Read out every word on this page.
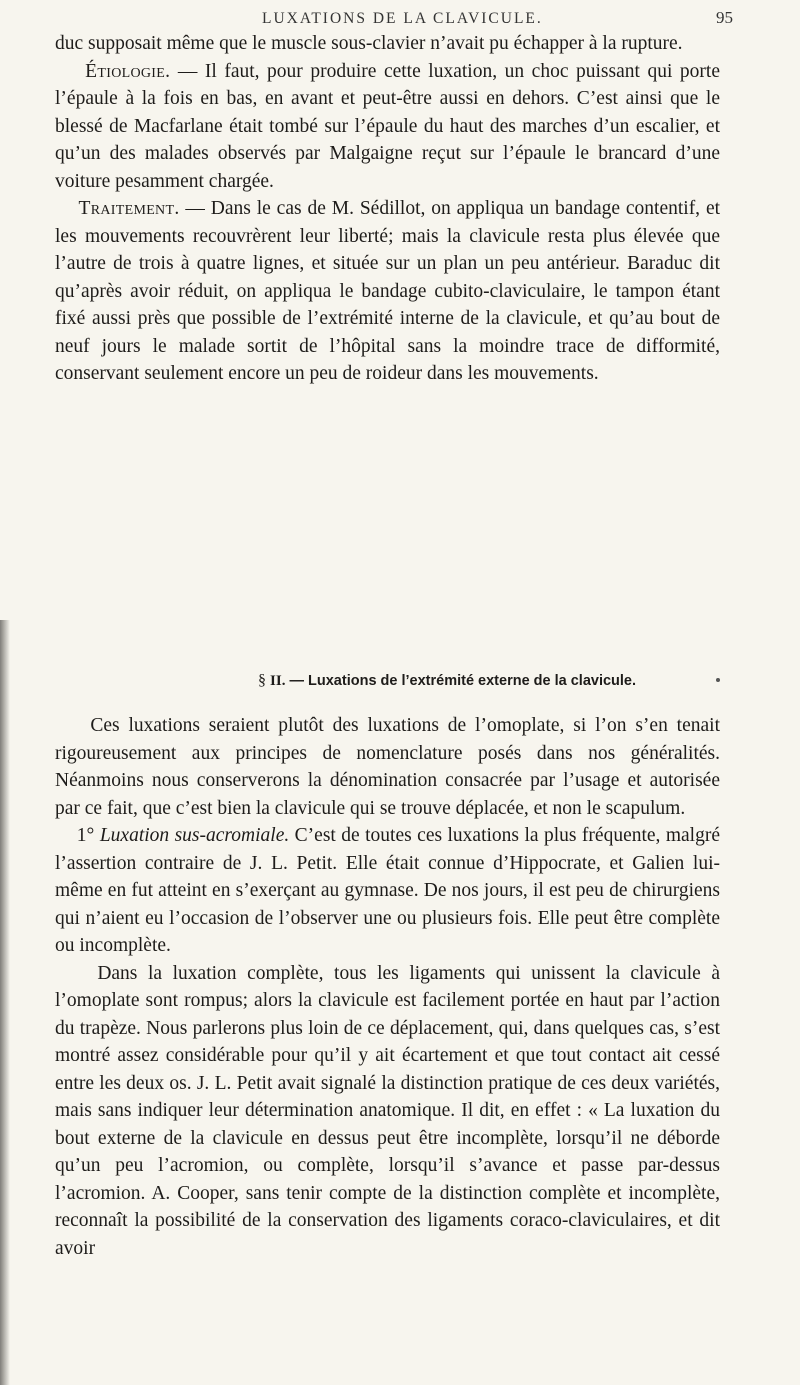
LUXATIONS DE LA CLAVICULE.	95

duc supposait même que le muscle sous-clavier n’avait pu échapper à la rupture.

Étiologie. — Il faut, pour produire cette luxation, un choc puissant qui porte l’épaule à la fois en bas, en avant et peut-être aussi en dehors. C’est ainsi que le blessé de Macfarlane était tombé sur l’épaule du haut des marches d’un escalier, et qu’un des malades observés par Malgaigne reçut sur l’épaule le brancard d’une voiture pesamment chargée.

Traitement. — Dans le cas de M. Sédillot, on appliqua un bandage contentif, et les mouvements recouvrèrent leur liberté; mais la clavicule resta plus élevée que l’autre de trois à quatre lignes, et située sur un plan un peu antérieur. Baraduc dit qu’après avoir réduit, on appliqua le bandage cubito-claviculaire, le tampon étant fixé aussi près que possible de l’extrémité interne de la clavicule, et qu’au bout de neuf jours le malade sortit de l’hôpital sans la moindre trace de difformité, conservant seulement encore un peu de roideur dans les mouvements.

§ II. — Luxations de l’extrémité externe de la clavicule.

Ces luxations seraient plutôt des luxations de l’omoplate, si l’on s’en tenait rigoureusement aux principes de nomenclature posés dans nos généralités. Néanmoins nous conserverons la dénomination consacrée par l’usage et autorisée par ce fait, que c’est bien la clavicule qui se trouve déplacée, et non le scapulum.

1° Luxation sus-acromiale. C’est de toutes ces luxations la plus fréquente, malgré l’assertion contraire de J. L. Petit. Elle était connue d’Hippocrate, et Galien lui-même en fut atteint en s’exerçant au gymnase. De nos jours, il est peu de chirurgiens qui n’aient eu l’occasion de l’observer une ou plusieurs fois. Elle peut être complète ou incomplète.

Dans la luxation complète, tous les ligaments qui unissent la clavicule à l’omoplate sont rompus; alors la clavicule est facilement portée en haut par l’action du trapèze. Nous parlerons plus loin de ce déplacement, qui, dans quelques cas, s’est montré assez considérable pour qu’il y ait écartement et que tout contact ait cessé entre les deux os. J. L. Petit avait signalé la distinction pratique de ces deux variétés, mais sans indiquer leur détermination anatomique. Il dit, en effet : « La luxation du bout externe de la clavicule en dessus peut être incomplète, lorsqu’il ne déborde qu’un peu l’acromion, ou complète, lorsqu’il s’avance et passe par-dessus l’acromion. A. Cooper, sans tenir compte de la distinction complète et incomplète, reconnaît la possibilité de la conservation des ligaments coraco-claviculaires, et dit avoir
